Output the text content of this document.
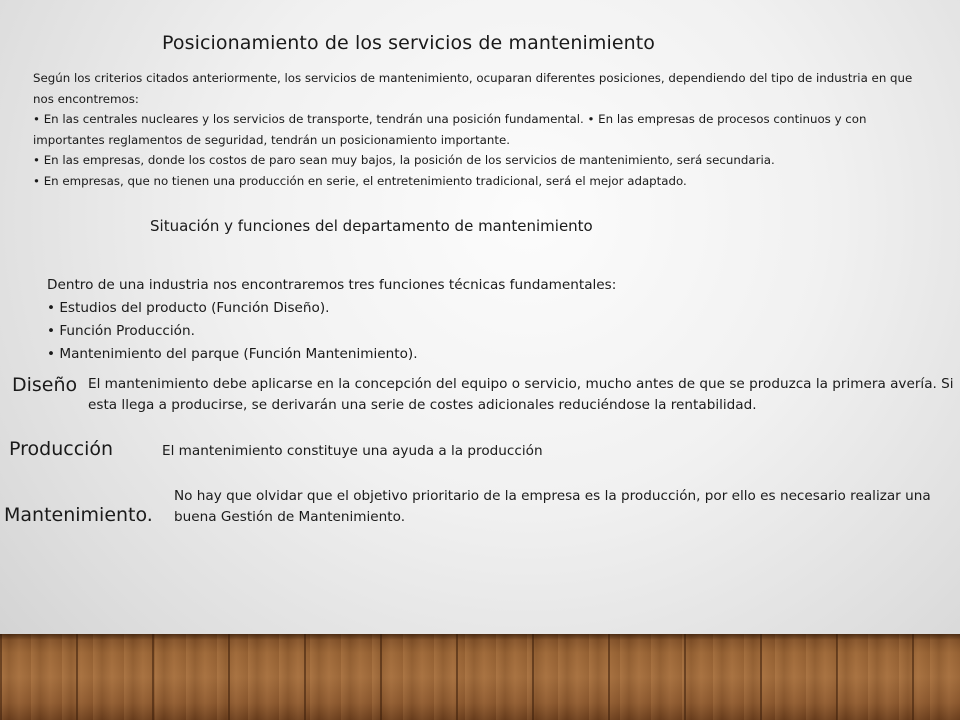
Posicionamiento de los servicios de mantenimiento

Según los criterios citados anteriormente, los servicios de mantenimiento, ocuparan diferentes posiciones, dependiendo del tipo de industria en que nos encontremos:

• En las centrales nucleares y los servicios de transporte, tendrán una posición fundamental. • En las empresas de procesos continuos y con importantes reglamentos de seguridad, tendrán un posicionamiento importante.

• En las empresas, donde los costos de paro sean muy bajos, la posición de los servicios de mantenimiento, será secundaria.

• En empresas, que no tienen una producción en serie, el entretenimiento tradicional, será el mejor adaptado.

Situación y funciones del departamento de mantenimiento

Dentro de una industria nos encontraremos tres funciones técnicas fundamentales:

• Estudios del producto (Función Diseño).
• Función Producción.
• Mantenimiento del parque (Función Mantenimiento).
Diseño El mantenimiento debe aplicarse en la concepción del equipo o servicio, mucho antes de que se produzca la primera avería. Si esta llega a producirse, se derivarán una serie de costes adicionales reduciéndose la rentabilidad.

Producción	El mantenimiento constituye una ayuda a la producción

Mantenimiento.

No hay que olvidar que el objetivo prioritario de la empresa es la producción, por ello es necesario realizar una buena Gestión de Mantenimiento.
